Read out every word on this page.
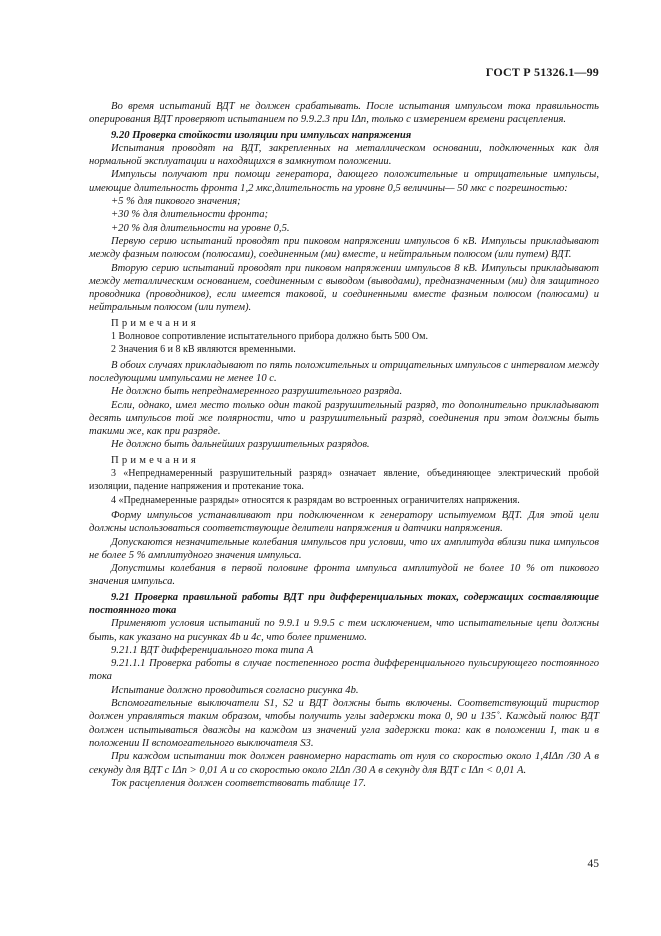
ГОСТ Р 51326.1—99

Во время испытаний ВДТ не должен срабатывать. После испытания импульсом тока правильность оперирования ВДТ проверяют испытанием по 9.9.2.3 при IΔn, только с измерением времени расцепления.

9.20 Проверка стойкости изоляции при импульсах напряжения

Испытания проводят на ВДТ, закрепленных на металлическом основании, подключенных как для нормальной эксплуатации и находящихся в замкнутом положении.

Импульсы получают при помощи генератора, дающего положительные и отрицательные импульсы, имеющие длительность фронта 1,2 мкс,длительность на уровне 0,5 величины— 50 мкс с погрешностью:

+5 % для пикового значения;

+30 % для длительности фронта;

+20 % для длительности на уровне 0,5.

Первую серию испытаний проводят при пиковом напряжении импульсов 6 кВ. Импульсы прикладывают между фазным полюсом (полюсами), соединенным (ми) вместе, и нейтральным полюсом (или путем) ВДТ.

Вторую серию испытаний проводят при пиковом напряжении импульсов 8 кВ. Импульсы прикладывают между металлическим основанием, соединенным с выводом (выводами), предназначенным (ми) для защитного проводника (проводников), если имеется таковой, и соединенными вместе фазным полюсом (полюсами) и нейтральным полюсом (или путем).

Примечания

1 Волновое сопротивление испытательного прибора должно быть 500 Ом.

2 Значения 6 и 8 кВ являются временными.

В обоих случаях прикладывают по пять положительных и отрицательных импульсов с интервалом между последующими импульсами не менее 10 с.

Не должно быть непреднамеренного разрушительного разряда.

Если, однако, имел место только один такой разрушительный разряд, то дополнительно прикладывают десять импульсов той же полярности, что и разрушительный разряд, соединения при этом должны быть такими же, как при разряде.

Не должно быть дальнейших разрушительных разрядов.

Примечания

3 «Непреднамеренный разрушительный разряд» означает явление, объединяющее электрический пробой изоляции, падение напряжения и протекание тока.

4 «Преднамеренные разряды» относятся к разрядам во встроенных ограничителях напряжения.

Форму импульсов устанавливают при подключенном к генератору испытуемом ВДТ. Для этой цели должны использоваться соответствующие делители напряжения и датчики напряжения.

Допускаются незначительные колебания импульсов при условии, что их амплитуда вблизи пика импульсов не более 5 % амплитудного значения импульса.

Допустимы колебания в первой половине фронта импульса амплитудой не более 10 % от пикового значения импульса.

9.21 Проверка правильной работы ВДТ при дифференциальных токах, содержащих составляющие постоянного тока

Применяют условия испытаний по 9.9.1 и 9.9.5 с тем исключением, что испытательные цепи должны быть, как указано на рисунках 4b и 4с, что более применимо.

9.21.1 ВДТ дифференциального тока типа А

9.21.1.1 Проверка работы в случае постепенного роста дифференциального пульсирующего постоянного тока

Испытание должно проводиться согласно рисунка 4b.

Вспомогательные выключатели S1, S2 и ВДТ должны быть включены. Соответствующий тиристор должен управляться таким образом, чтобы получить углы задержки тока 0, 90 и 135˚. Каждый полюс ВДТ должен испытываться дважды на каждом из значений угла задержки тока: как в положении I, так и в положении II вспомогательного выключателя S3.

При каждом испытании ток должен равномерно нарастать от нуля со скоростью около 1,4IΔn /30 А в секунду для ВДТ с IΔn > 0,01 А и со скоростью около 2IΔn /30 А в секунду для ВДТ с IΔn < 0,01 А.

Ток расцепления должен соответствовать таблице 17.

45
